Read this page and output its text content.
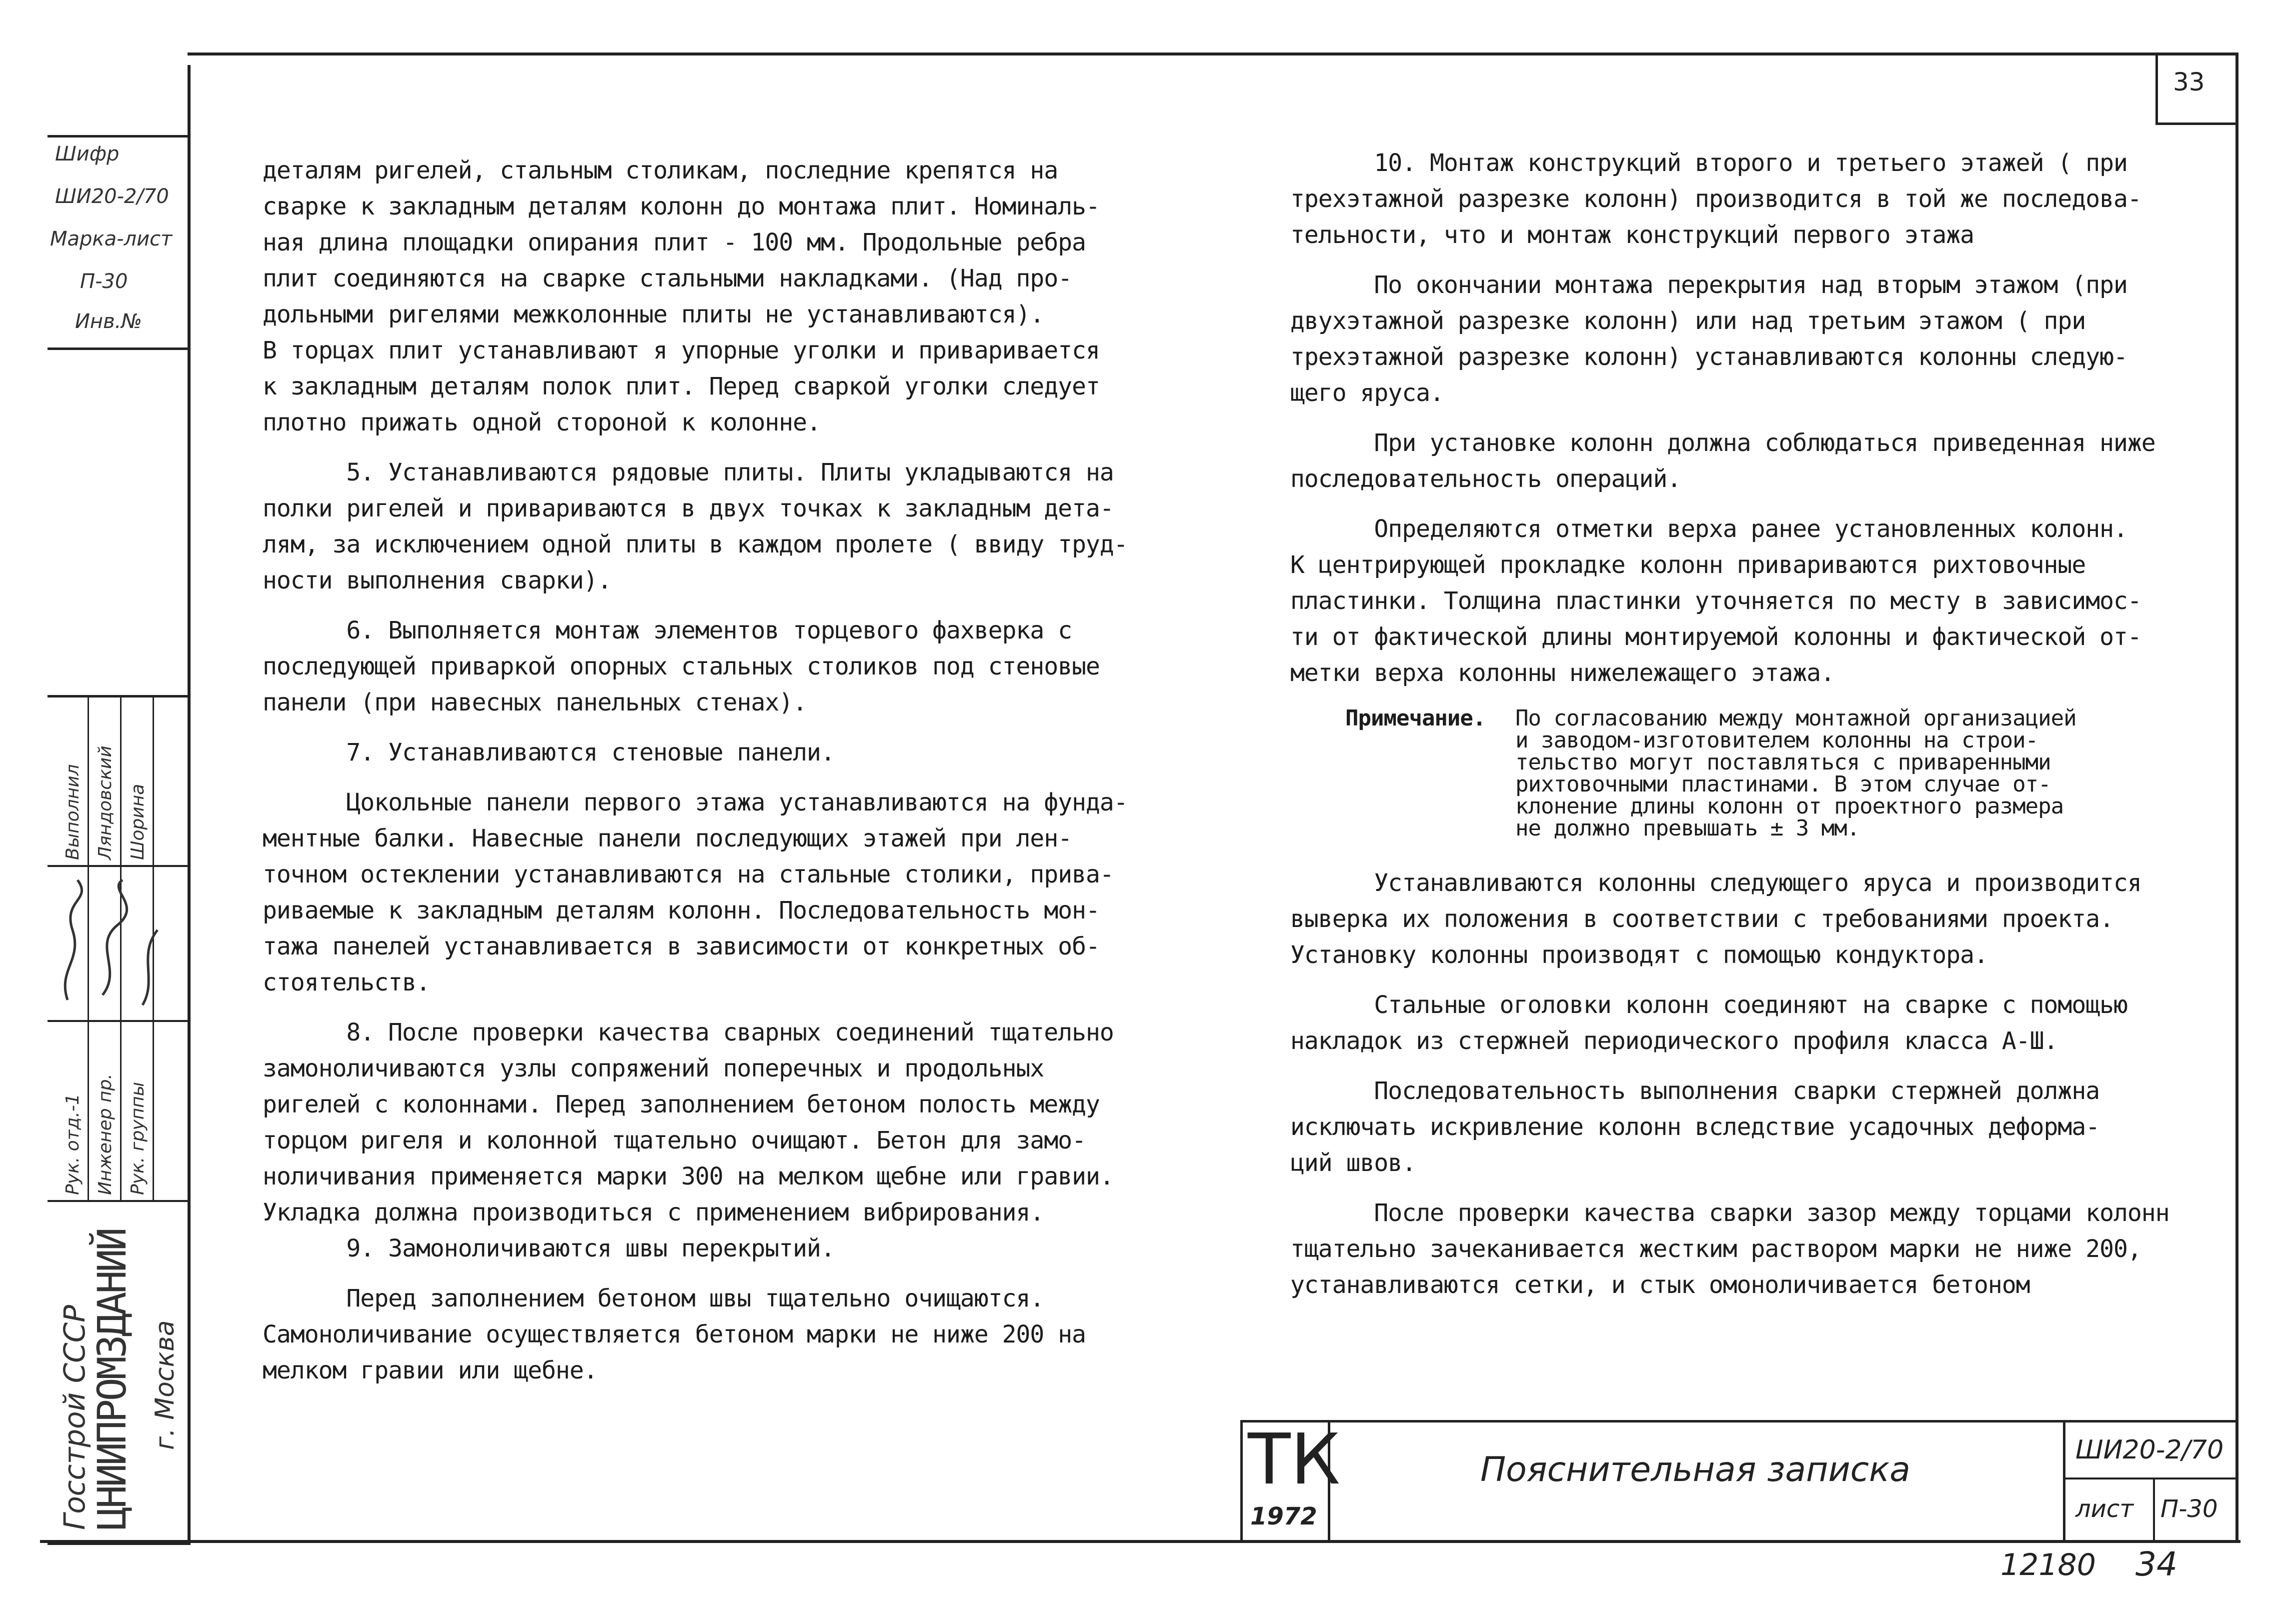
33
Шифр
ШИ20-2/70
Марка-лист
П-30
Инв.№
Выполнил Ляндовский Шорина
Рук. отд.-1 Инженер пр. Рук. группы
Госстрой СССР
ЦНИИПРОМЗДАНИЙ г. Москва
деталям ригелей, стальным столикам, последние крепятся на
сварке к закладным деталям колонн до монтажа плит. Номиналь-
ная длина площадки опирания плит - 100 мм. Продольные ребра
плит соединяются на сварке стальными накладками. (Над про-
дольными ригелями межколонные плиты не устанавливаются).
В торцах плит устанавливают я упорные уголки и приваривается
к закладным деталям полок плит. Перед сваркой уголки следует
плотно прижать одной стороной к колонне.

5. Устанавливаются рядовые плиты. Плиты укладываются на
полки ригелей и привариваются в двух точках к закладным дета-
лям, за исключением одной плиты в каждом пролете ( ввиду труд-
ности выполнения сварки).

6. Выполняется монтаж элементов торцевого фахверка с
последующей приваркой опорных стальных столиков под стеновые
панели (при навесных панельных стенах).

7. Устанавливаются стеновые панели.

Цокольные панели первого этажа устанавливаются на фунда-
ментные балки. Навесные панели последующих этажей при лен-
точном остеклении устанавливаются на стальные столики, прива-
риваемые к закладным деталям колонн. Последовательность мон-
тажа панелей устанавливается в зависимости от конкретных об-
стоятельств.

8. После проверки качества сварных соединений тщательно
замоноличиваются узлы сопряжений поперечных и продольных
ригелей с колоннами. Перед заполнением бетоном полость между
торцом ригеля и колонной тщательно очищают. Бетон для замо-
ноличивания применяется марки 300 на мелком щебне или гравии.
Укладка должна производиться с применением вибрирования.
9. Замоноличиваются швы перекрытий.

Перед заполнением бетоном швы тщательно очищаются.
Самоноличивание осуществляется бетоном марки не ниже 200 на
мелком гравии или щебне.
10. Монтаж конструкций второго и третьего этажей ( при
трехэтажной разрезке колонн) производится в той же последова-
тельности, что и монтаж конструкций первого этажа

По окончании монтажа перекрытия над вторым этажом (при
двухэтажной разрезке колонн) или над третьим этажом ( при
трехэтажной разрезке колонн) устанавливаются колонны следую-
щего яруса.

При установке колонн должна соблюдаться приведенная ниже
последовательность операций.

Определяются отметки верха ранее установленных колонн.
К центрирующей прокладке колонн привариваются рихтовочные
пластинки. Толщина пластинки уточняется по месту в зависимос-
ти от фактической длины монтируемой колонны и фактической от-
метки верха колонны нижележащего этажа.
Примечание. По согласованию между монтажной организацией
и заводом-изготовителем колонны на строи-
тельство могут поставляться с приваренными
рихтовочными пластинами. В этом случае от-
клонение длины колонн от проектного размера
не должно превышать ± 3 мм.
Устанавливаются колонны следующего яруса и производится
выверка их положения в соответствии с требованиями проекта.
Установку колонны производят с помощью кондуктора.

Стальные оголовки колонн соединяют на сварке с помощью
накладок из стержней периодического профиля класса А-Ш.

Последовательность выполнения сварки стержней должна
исключать искривление колонн вследствие усадочных деформа-
ций швов.

После проверки качества сварки зазор между торцами колонн
тщательно зачеканивается жестким раствором марки не ниже 200,
устанавливаются сетки, и стык омоноличивается бетоном
ТК
1972
Пояснительная записка	ШИ20-2/70
лист П-30
12180 34
